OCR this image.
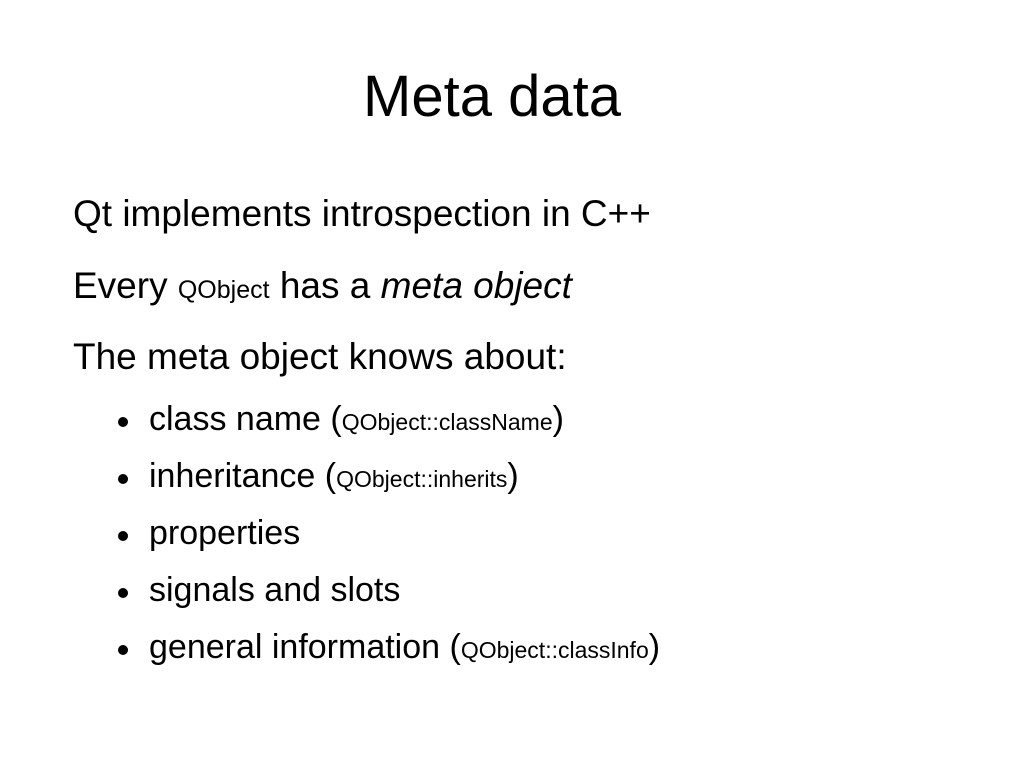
Meta data
Qt implements introspection in C++
Every QObject has a meta object
The meta object knows about:
class name (QObject::className)
inheritance (QObject::inherits)
properties
signals and slots
general information (QObject::classInfo)
